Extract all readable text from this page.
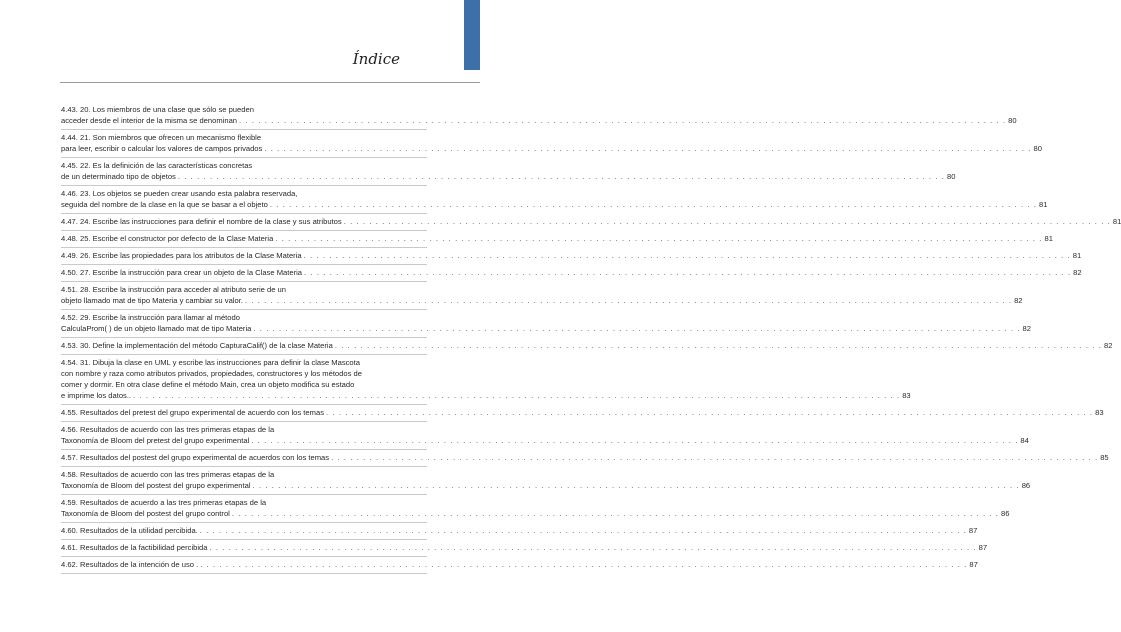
Índice
4.43. 20. Los miembros de una clase que sólo se pueden
acceder desde el interior de la misma se denominan . . . . . . . . . . . . . . . . . . . . . . . . . . . . . . . . . . . . . . . . . . . . . . . . . . . . . . . . . . . . . . . . . . . . . . . . . . . . . . . . . . . . . . . . . . . . . . . . . . . . . . . . . . . . . . . . . . . . . . . . 80
4.44. 21. Son miembros que ofrecen un mecanismo flexible
para leer, escribir o calcular los valores de campos privados . . . . . . . . . . . . . . . . . . . . . . . . . . . . . . . . . . . . . . . . . . . . . . . . . . . . . . . . . . . . . . . . . . . . . . . . . . . . . . . . . . . . . . . . . . . . . . . . . . . . . . . . . . . . . . . . . . . . . . . . 80
4.45. 22. Es la definición de las características concretas
de un determinado tipo de objetos . . . . . . . . . . . . . . . . . . . . . . . . . . . . . . . . . . . . . . . . . . . . . . . . . . . . . . . . . . . . . . . . . . . . . . . . . . . . . . . . . . . . . . . . . . . . . . . . . . . . . . . . . . . . . . . . . . . . . . . . 80
4.46. 23. Los objetos se pueden crear usando esta palabra reservada,
seguida del nombre de la clase en la que se basar a el objeto . . . . . . . . . . . . . . . . . . . . . . . . . . . . . . . . . . . . . . . . . . . . . . . . . . . . . . . . . . . . . . . . . . . . . . . . . . . . . . . . . . . . . . . . . . . . . . . . . . . . . . . . . . . . . . . . . . . . . . . . 81
4.47. 24. Escribe las instrucciones para definir el nombre de la clase y sus atributos . . . . . . . . . . . . . . . . . . . . . . . . . . . . . . . . . . . . . . . . . . . . . . . . . . . . . . . . . . . . . . . . . . . . . . . . . . . . . . . . . . . . . . . . . . . . . . . . . . . . . . . . . . . . . . . . . . . . . . . . 81
4.48. 25. Escribe el constructor por defecto de la Clase Materia . . . . . . . . . . . . . . . . . . . . . . . . . . . . . . . . . . . . . . . . . . . . . . . . . . . . . . . . . . . . . . . . . . . . . . . . . . . . . . . . . . . . . . . . . . . . . . . . . . . . . . . . . . . . . . . . . . . . . . . . 81
4.49. 26. Escribe las propiedades para los atributos de la Clase Materia . . . . . . . . . . . . . . . . . . . . . . . . . . . . . . . . . . . . . . . . . . . . . . . . . . . . . . . . . . . . . . . . . . . . . . . . . . . . . . . . . . . . . . . . . . . . . . . . . . . . . . . . . . . . . . . . . . . . . . . . 81
4.50. 27. Escribe la instrucción para crear un objeto de la Clase Materia . . . . . . . . . . . . . . . . . . . . . . . . . . . . . . . . . . . . . . . . . . . . . . . . . . . . . . . . . . . . . . . . . . . . . . . . . . . . . . . . . . . . . . . . . . . . . . . . . . . . . . . . . . . . . . . . . . . . . . . . 82
4.51. 28. Escribe la instrucción para acceder al atributo serie de un
objeto llamado mat de tipo Materia y cambiar su valor. . . . . . . . . . . . . . . . . . . . . . . . . . . . . . . . . . . . . . . . . . . . . . . . . . . . . . . . . . . . . . . . . . . . . . . . . . . . . . . . . . . . . . . . . . . . . . . . . . . . . . . . . . . . . . . . . . . . . . . . . 82
4.52. 29. Escribe la instrucción para llamar al método
CalculaProm( ) de un objeto llamado mat de tipo Materia . . . . . . . . . . . . . . . . . . . . . . . . . . . . . . . . . . . . . . . . . . . . . . . . . . . . . . . . . . . . . . . . . . . . . . . . . . . . . . . . . . . . . . . . . . . . . . . . . . . . . . . . . . . . . . . . . . . . . . . . 82
4.53. 30. Define la implementación del método CapturaCalif() de la clase Materia . . . . . . . . . . . . . . . . . . . . . . . . . . . . . . . . . . . . . . . . . . . . . . . . . . . . . . . . . . . . . . . . . . . . . . . . . . . . . . . . . . . . . . . . . . . . . . . . . . . . . . . . . . . . . . . . . . . . . . . . 82
4.54. 31. Dibuja la clase en UML y escribe las instrucciones para definir la clase Mascota
con nombre y raza como atributos privados, propiedades, constructores y los métodos de
comer y dormir. En otra clase define el método Main, crea un objeto modifica su estado
e imprime los datos.. . . . . . . . . . . . . . . . . . . . . . . . . . . . . . . . . . . . . . . . . . . . . . . . . . . . . . . . . . . . . . . . . . . . . . . . . . . . . . . . . . . . . . . . . . . . . . . . . . . . . . . . . . . . . . . . . . . . . . . . . 83
4.55. Resultados del pretest del grupo experimental de acuerdo con los temas . . . . . . . . . . . . . . . . . . . . . . . . . . . . . . . . . . . . . . . . . . . . . . . . . . . . . . . . . . . . . . . . . . . . . . . . . . . . . . . . . . . . . . . . . . . . . . . . . . . . . . . . . . . . . . . . . . . . . . . . 83
4.56. Resultados de acuerdo con las tres primeras etapas de la
Taxonomía de Bloom del pretest del grupo experimental . . . . . . . . . . . . . . . . . . . . . . . . . . . . . . . . . . . . . . . . . . . . . . . . . . . . . . . . . . . . . . . . . . . . . . . . . . . . . . . . . . . . . . . . . . . . . . . . . . . . . . . . . . . . . . . . . . . . . . . . 84
4.57. Resultados del postest del grupo experimental de acuerdos con los temas . . . . . . . . . . . . . . . . . . . . . . . . . . . . . . . . . . . . . . . . . . . . . . . . . . . . . . . . . . . . . . . . . . . . . . . . . . . . . . . . . . . . . . . . . . . . . . . . . . . . . . . . . . . . . . . . . . . . . . . . 85
4.58. Resultados de acuerdo con las tres primeras etapas de la
Taxonomía de Bloom del postest del grupo experimental . . . . . . . . . . . . . . . . . . . . . . . . . . . . . . . . . . . . . . . . . . . . . . . . . . . . . . . . . . . . . . . . . . . . . . . . . . . . . . . . . . . . . . . . . . . . . . . . . . . . . . . . . . . . . . . . . . . . . . . . 86
4.59. Resultados de acuerdo a las tres primeras etapas de la
Taxonomía de Bloom del postest del grupo control . . . . . . . . . . . . . . . . . . . . . . . . . . . . . . . . . . . . . . . . . . . . . . . . . . . . . . . . . . . . . . . . . . . . . . . . . . . . . . . . . . . . . . . . . . . . . . . . . . . . . . . . . . . . . . . . . . . . . . . . 86
4.60. Resultados de la utilidad percibida. . . . . . . . . . . . . . . . . . . . . . . . . . . . . . . . . . . . . . . . . . . . . . . . . . . . . . . . . . . . . . . . . . . . . . . . . . . . . . . . . . . . . . . . . . . . . . . . . . . . . . . . . . . . . . . . . . . . . . . . . 87
4.61. Resultados de la factibilidad percibida . . . . . . . . . . . . . . . . . . . . . . . . . . . . . . . . . . . . . . . . . . . . . . . . . . . . . . . . . . . . . . . . . . . . . . . . . . . . . . . . . . . . . . . . . . . . . . . . . . . . . . . . . . . . . . . . . . . . . . . . 87
4.62. Resultados de la intención de uso . . . . . . . . . . . . . . . . . . . . . . . . . . . . . . . . . . . . . . . . . . . . . . . . . . . . . . . . . . . . . . . . . . . . . . . . . . . . . . . . . . . . . . . . . . . . . . . . . . . . . . . . . . . . . . . . . . . . . . . . . 87
